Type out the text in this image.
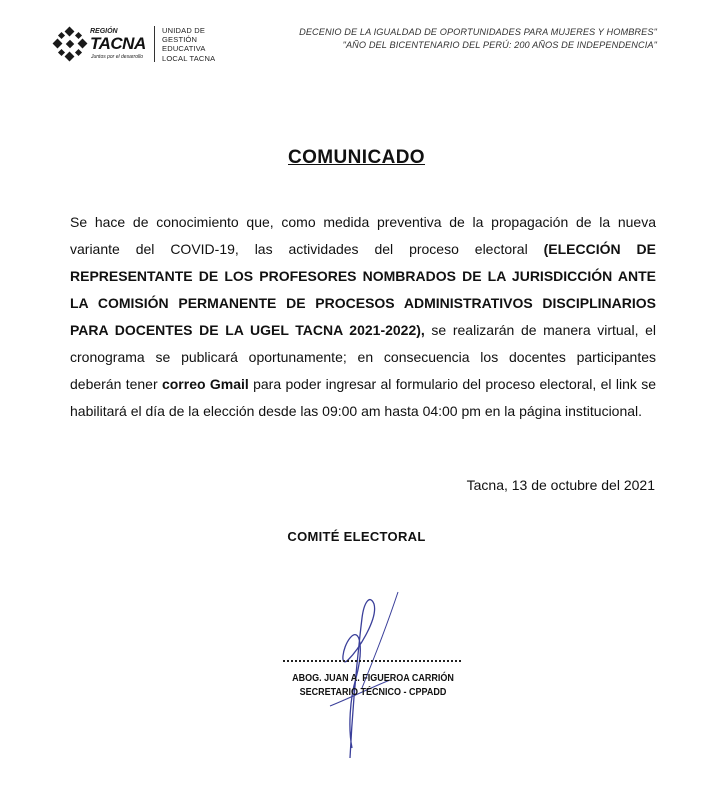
REGIÓN
TACNA
Juntos por el desarrollo
UNIDAD DE
GESTIÓN
EDUCATIVA
LOCAL TACNA
DECENIO DE LA IGUALDAD DE OPORTUNIDADES PARA MUJERES Y HOMBRES"
"AÑO DEL BICENTENARIO DEL PERÚ: 200 AÑOS DE INDEPENDENCIA"
COMUNICADO
Se hace de conocimiento que, como medida preventiva de la propagación de la nueva variante del COVID-19, las actividades del proceso electoral (ELECCIÓN DE REPRESENTANTE DE LOS PROFESORES NOMBRADOS DE LA JURISDICCIÓN ANTE LA COMISIÓN PERMANENTE DE PROCESOS ADMINISTRATIVOS DISCIPLINARIOS PARA DOCENTES DE LA UGEL TACNA 2021-2022), se realizarán de manera virtual, el cronograma se publicará oportunamente; en consecuencia los docentes participantes deberán tener correo Gmail para poder ingresar al formulario del proceso electoral, el link se habilitará el día de la elección desde las 09:00 am hasta 04:00 pm en la página institucional.
Tacna, 13 de octubre del 2021
COMITÉ ELECTORAL
ABOG. JUAN A. FIGUEROA CARRIÓN
SECRETARIO TÉCNICO - CPPADD
